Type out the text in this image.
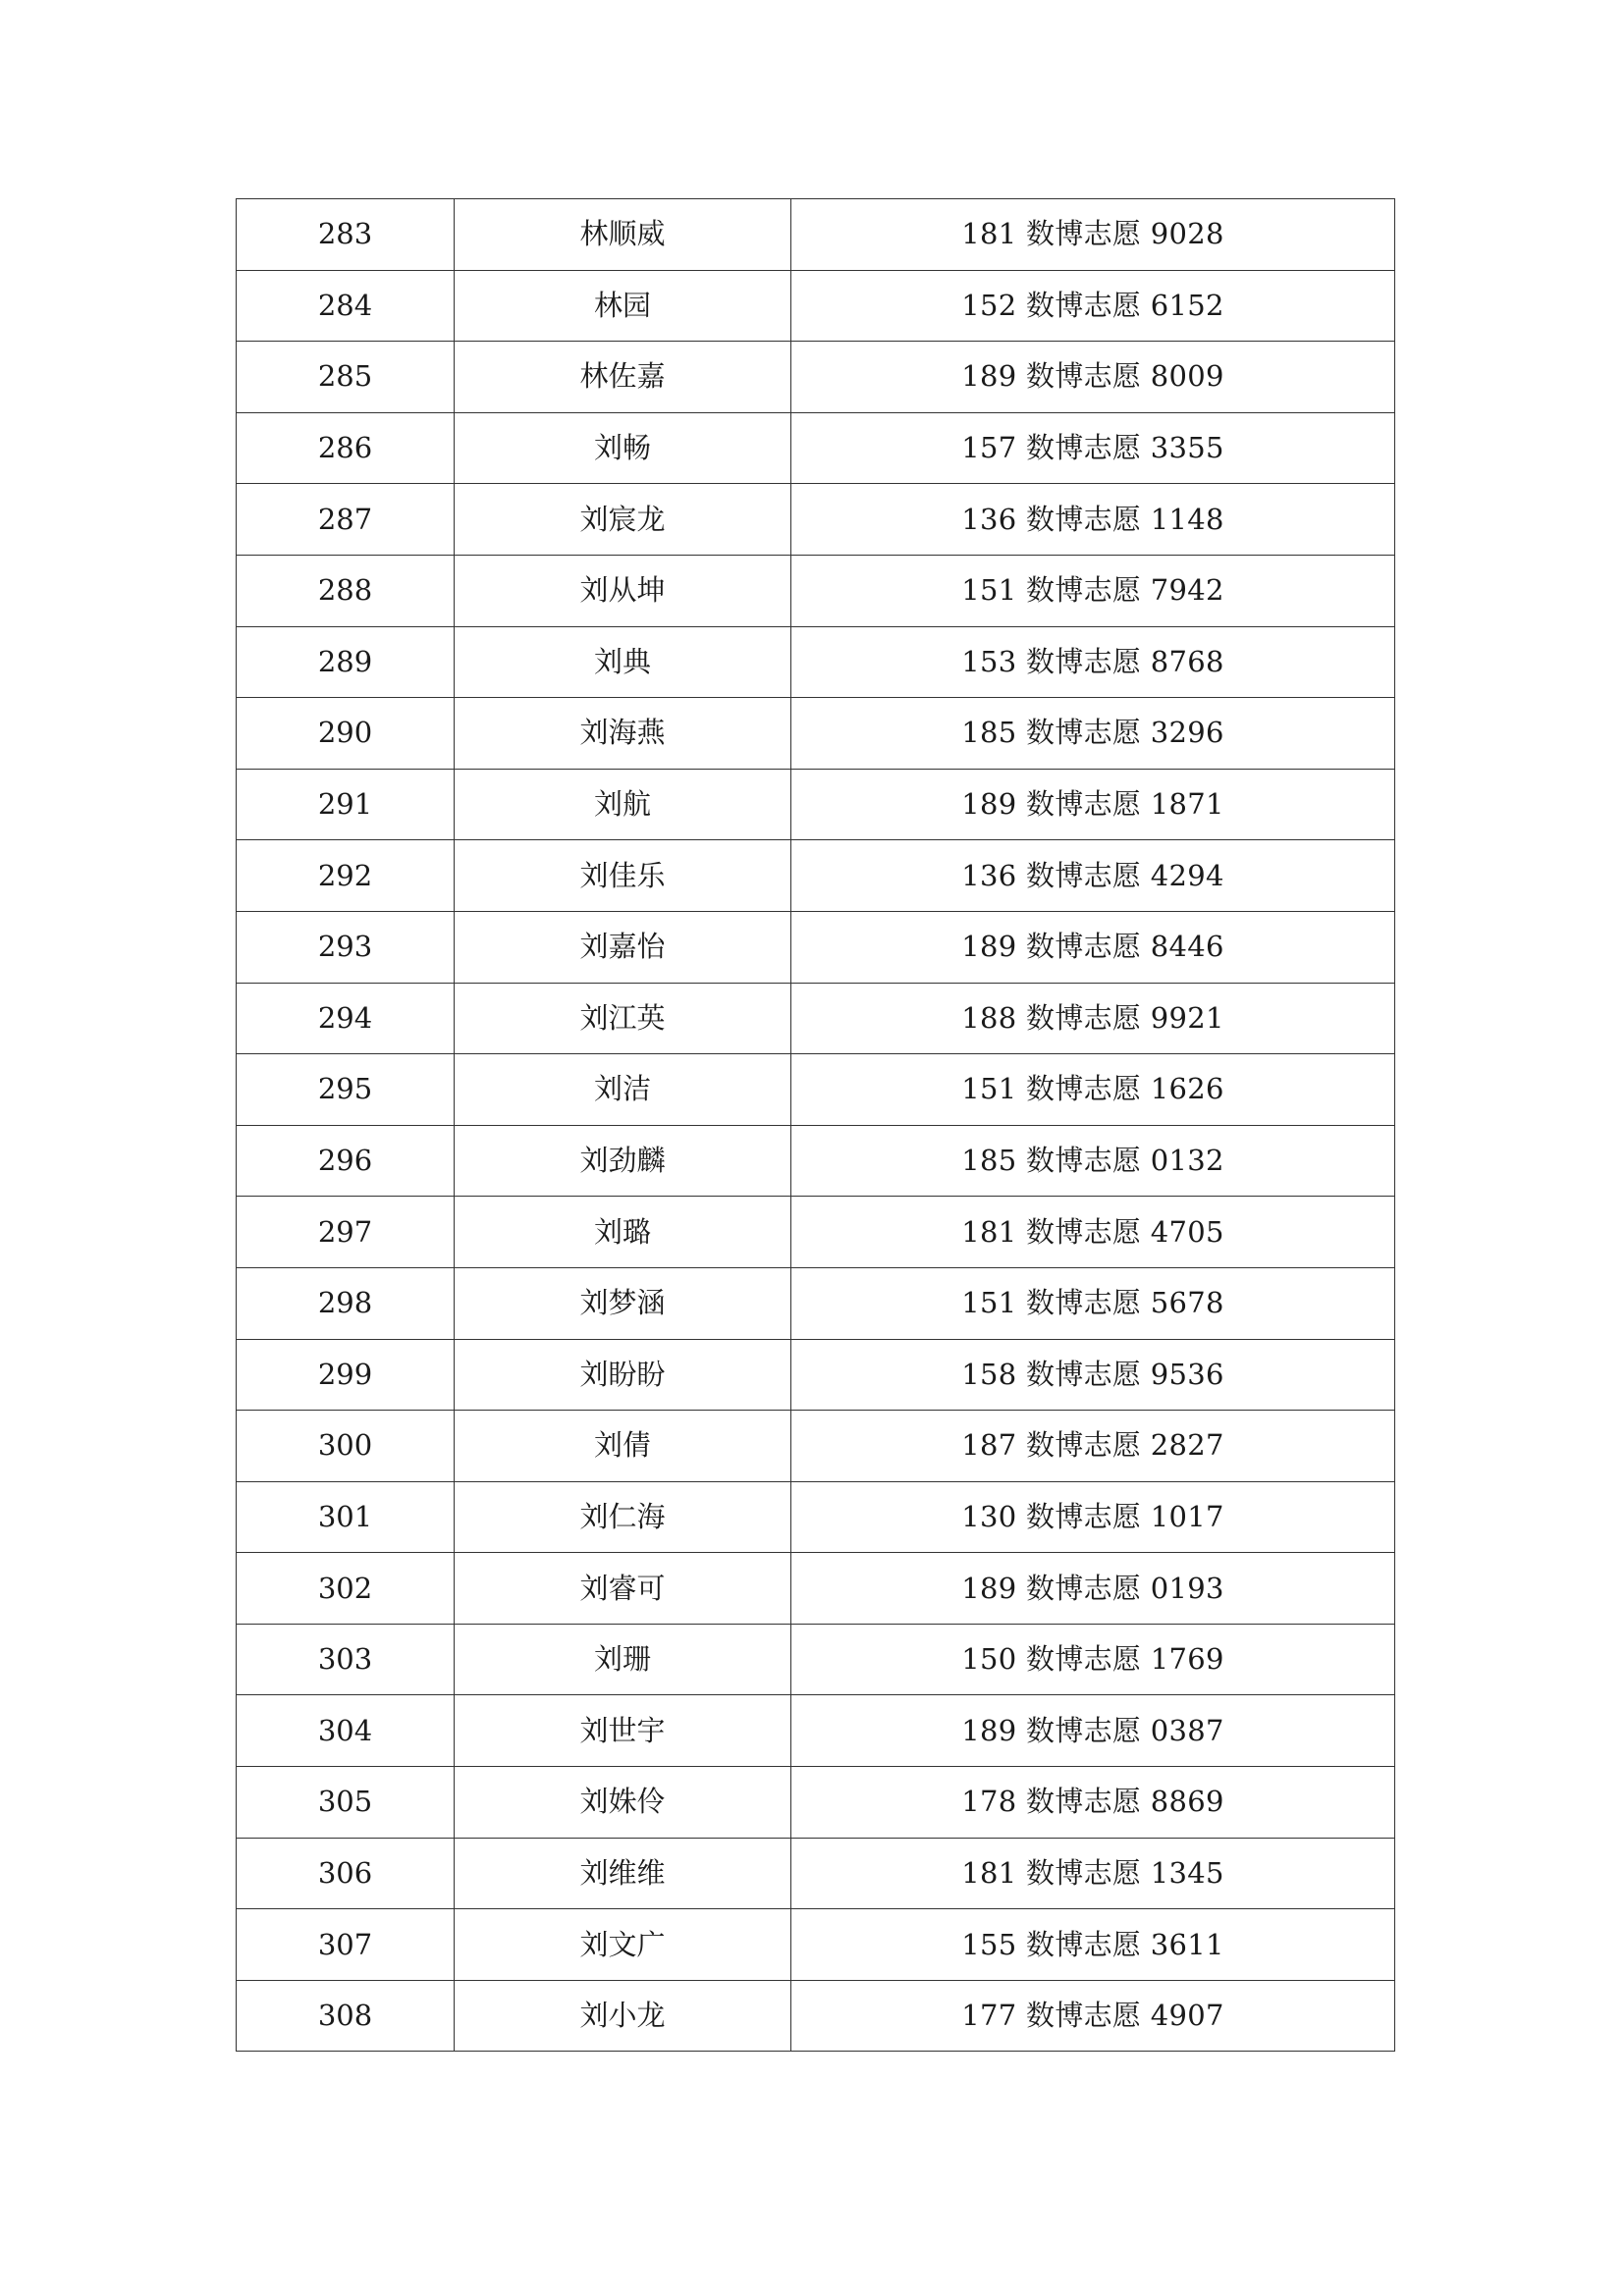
283	林顺威	181 数博志愿 9028
284	林园	152 数博志愿 6152
285	林佐嘉	189 数博志愿 8009
286	刘畅	157 数博志愿 3355
287	刘宸龙	136 数博志愿 1148
288	刘从坤	151 数博志愿 7942
289	刘典	153 数博志愿 8768
290	刘海燕	185 数博志愿 3296
291	刘航	189 数博志愿 1871
292	刘佳乐	136 数博志愿 4294
293	刘嘉怡	189 数博志愿 8446
294	刘江英	188 数博志愿 9921
295	刘洁	151 数博志愿 1626
296	刘劲麟	185 数博志愿 0132
297	刘璐	181 数博志愿 4705
298	刘梦涵	151 数博志愿 5678
299	刘盼盼	158 数博志愿 9536
300	刘倩	187 数博志愿 2827
301	刘仁海	130 数博志愿 1017
302	刘睿可	189 数博志愿 0193
303	刘珊	150 数博志愿 1769
304	刘世宇	189 数博志愿 0387
305	刘姝伶	178 数博志愿 8869
306	刘维维	181 数博志愿 1345
307	刘文广	155 数博志愿 3611
308	刘小龙	177 数博志愿 4907
